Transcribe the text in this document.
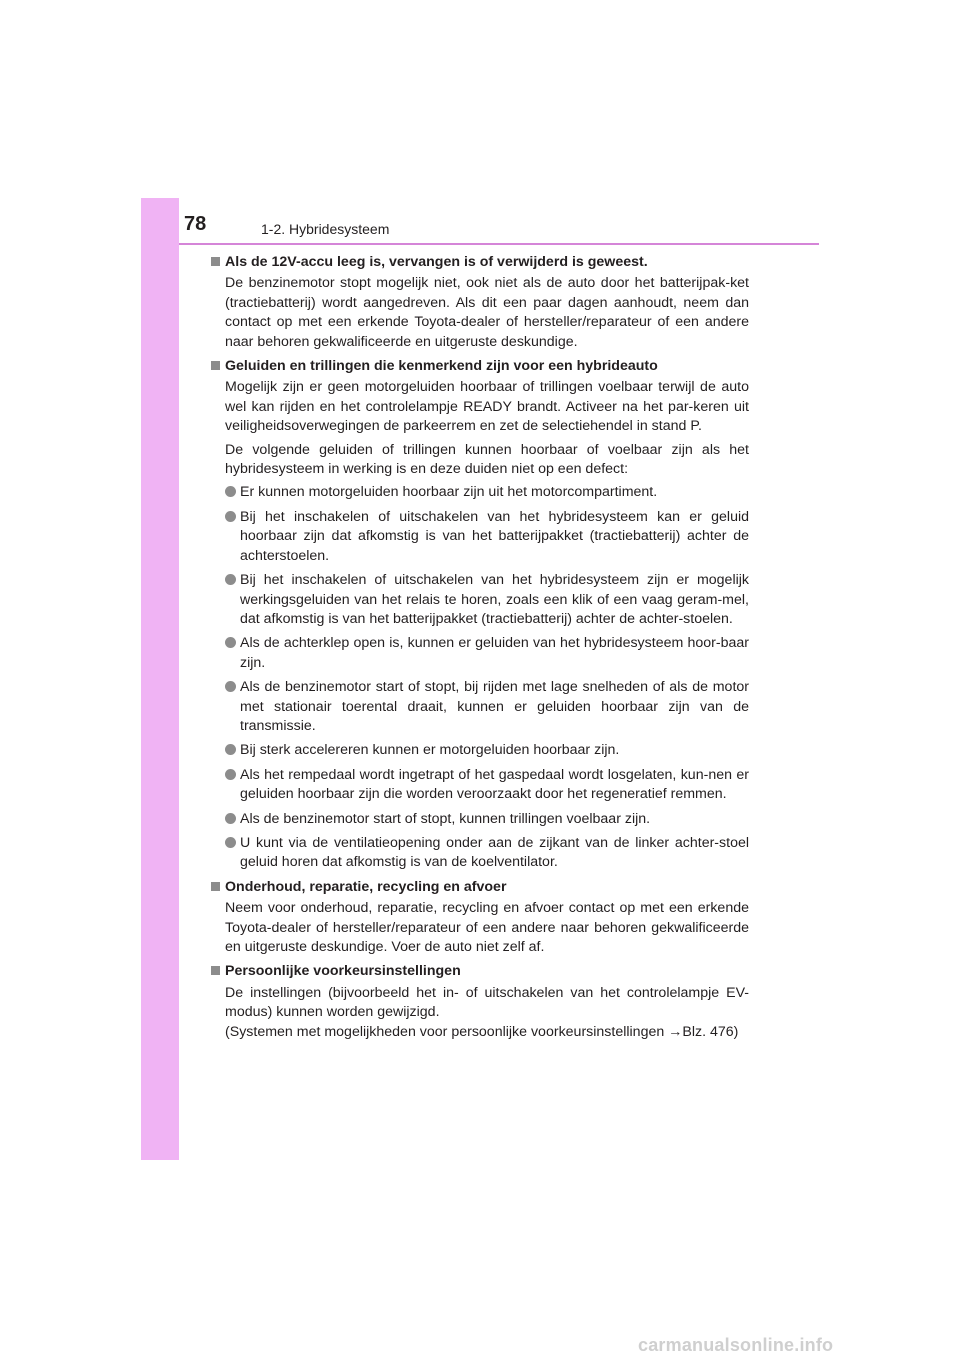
78	1-2. Hybridesysteem
Als de 12V-accu leeg is, vervangen is of verwijderd is geweest.
De benzinemotor stopt mogelijk niet, ook niet als de auto door het batterijpak-ket (tractiebatterij) wordt aangedreven. Als dit een paar dagen aanhoudt, neem dan contact op met een erkende Toyota-dealer of hersteller/reparateur of een andere naar behoren gekwalificeerde en uitgeruste deskundige.
Geluiden en trillingen die kenmerkend zijn voor een hybrideauto
Mogelijk zijn er geen motorgeluiden hoorbaar of trillingen voelbaar terwijl de auto wel kan rijden en het controlelampje READY brandt. Activeer na het par-keren uit veiligheidsoverwegingen de parkeerrem en zet de selectiehendel in stand P.
De volgende geluiden of trillingen kunnen hoorbaar of voelbaar zijn als het hybridesysteem in werking is en deze duiden niet op een defect:
Er kunnen motorgeluiden hoorbaar zijn uit het motorcompartiment.
Bij het inschakelen of uitschakelen van het hybridesysteem kan er geluid hoorbaar zijn dat afkomstig is van het batterijpakket (tractiebatterij) achter de achterstoelen.
Bij het inschakelen of uitschakelen van het hybridesysteem zijn er mogelijk werkingsgeluiden van het relais te horen, zoals een klik of een vaag geram-mel, dat afkomstig is van het batterijpakket (tractiebatterij) achter de achter-stoelen.
Als de achterklep open is, kunnen er geluiden van het hybridesysteem hoor-baar zijn.
Als de benzinemotor start of stopt, bij rijden met lage snelheden of als de motor met stationair toerental draait, kunnen er geluiden hoorbaar zijn van de transmissie.
Bij sterk accelereren kunnen er motorgeluiden hoorbaar zijn.
Als het rempedaal wordt ingetrapt of het gaspedaal wordt losgelaten, kun-nen er geluiden hoorbaar zijn die worden veroorzaakt door het regeneratief remmen.
Als de benzinemotor start of stopt, kunnen trillingen voelbaar zijn.
U kunt via de ventilatieopening onder aan de zijkant van de linker achter-stoel geluid horen dat afkomstig is van de koelventilator.
Onderhoud, reparatie, recycling en afvoer
Neem voor onderhoud, reparatie, recycling en afvoer contact op met een erkende Toyota-dealer of hersteller/reparateur of een andere naar behoren gekwalificeerde en uitgeruste deskundige. Voer de auto niet zelf af.
Persoonlijke voorkeursinstellingen
De instellingen (bijvoorbeeld het in- of uitschakelen van het controlelampje EV-modus) kunnen worden gewijzigd.
(Systemen met mogelijkheden voor persoonlijke voorkeursinstellingen →Blz. 476)
carmanualsonline.info
